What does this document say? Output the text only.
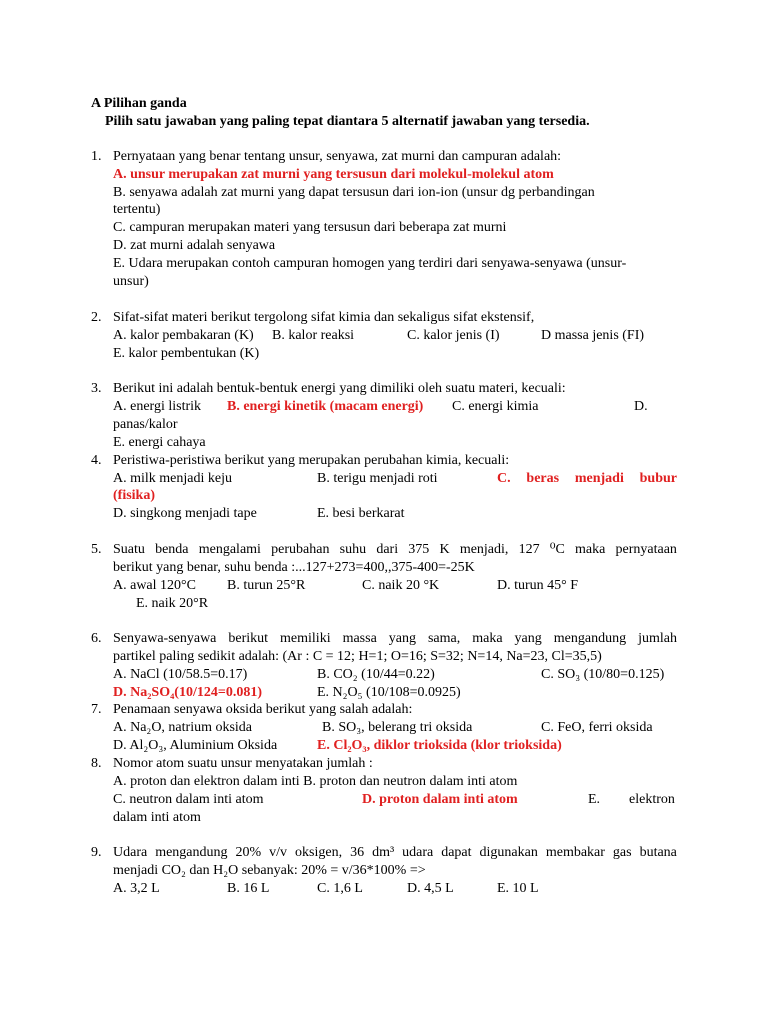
A Pilihan ganda
Pilih satu jawaban yang paling tepat diantara 5 alternatif jawaban yang tersedia.
1. Pernyataan yang benar tentang unsur, senyawa, zat murni dan campuran adalah:
A. unsur merupakan zat murni yang tersusun dari molekul-molekul atom
B. senyawa adalah zat murni yang dapat tersusun dari ion-ion (unsur dg perbandingan
tertentu)
C. campuran merupakan materi yang tersusun dari beberapa zat murni
D. zat murni adalah senyawa
E. Udara merupakan contoh campuran homogen yang terdiri dari senyawa-senyawa (unsur-
unsur)
2. Sifat-sifat materi berikut tergolong sifat kimia dan sekaligus sifat ekstensif,
A. kalor pembakaran (K) B. kalor reaksi	C. kalor jenis (I)	D massa jenis (FI)
E. kalor pembentukan (K)
3. Berikut ini adalah bentuk-bentuk energi yang dimiliki oleh suatu materi, kecuali:
A. energi listrik B. energi kinetik (macam energi) C. energi kimia	D.
panas/kalor
E. energi cahaya
4. Peristiwa-peristiwa berikut yang merupakan perubahan kimia, kecuali:
A. milk menjadi keju	B. terigu menjadi roti	C. beras menjadi bubur
(fisika)
D. singkong menjadi tape	E. besi berkarat
5. Suatu benda mengalami perubahan suhu dari 375 K menjadi, 127 ⁰C maka pernyataan
berikut yang benar, suhu benda :...127+273=400,,375-400=-25K
A. awal 120°C B. turun 25°R	C. naik 20 °K	D. turun 45° F
E. naik 20°R
6. Senyawa-senyawa berikut memiliki massa yang sama, maka yang mengandung jumlah
partikel paling sedikit adalah: (Ar : C = 12; H=1; O=16; S=32; N=14, Na=23, Cl=35,5)
A. NaCl (10/58.5=0.17)	B. CO₂ (10/44=0.22)	C. SO₃ (10/80=0.125)
D. Na₂SO₄(10/124=0.081)	E. N₂O₅ (10/108=0.0925)
7. Penamaan senyawa oksida berikut yang salah adalah:
A. Na₂O, natrium oksida	B. SO₃, belerang tri oksida	C. FeO, ferri oksida
D. Al₂O₃, Aluminium Oksida	E. Cl₂O₃, diklor trioksida (klor trioksida)
8. Nomor atom suatu unsur menyatakan jumlah :
A. proton dan elektron dalam inti B. proton dan neutron dalam inti atom
C. neutron dalam inti atom	D. proton dalam inti atom	E. elektron
dalam inti atom
9. Udara mengandung 20% v/v oksigen, 36 dm³ udara dapat digunakan membakar gas butana
menjadi CO₂ dan H₂O sebanyak: 20% = v/36*100% =>
A. 3,2 L	B. 16 L	C. 1,6 L	D. 4,5 L	E. 10 L
